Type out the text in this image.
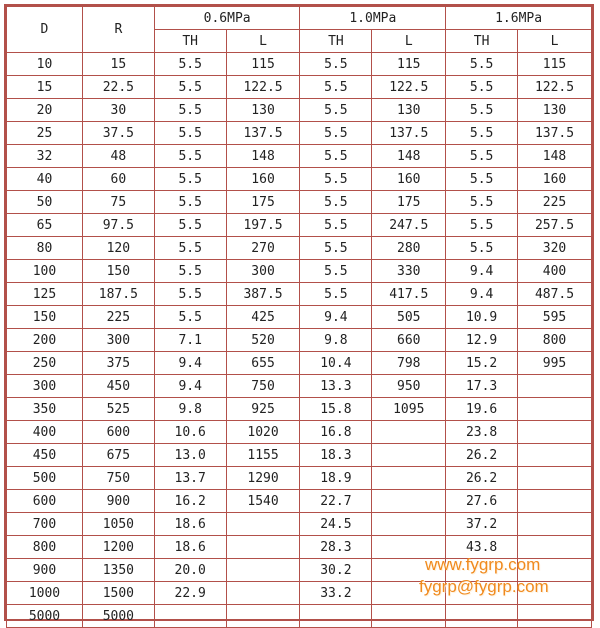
D	R	0.6MPa		1.0MPa		1.6MPa	
		TH	L	TH	L	TH	L
10	15	5.5	115	5.5	115	5.5	115
15	22.5	5.5	122.5	5.5	122.5	5.5	122.5
20	30	5.5	130	5.5	130	5.5	130
25	37.5	5.5	137.5	5.5	137.5	5.5	137.5
32	48	5.5	148	5.5	148	5.5	148
40	60	5.5	160	5.5	160	5.5	160
50	75	5.5	175	5.5	175	5.5	225
65	97.5	5.5	197.5	5.5	247.5	5.5	257.5
80	120	5.5	270	5.5	280	5.5	320
100	150	5.5	300	5.5	330	9.4	400
125	187.5	5.5	387.5	5.5	417.5	9.4	487.5
150	225	5.5	425	9.4	505	10.9	595
200	300	7.1	520	9.8	660	12.9	800
250	375	9.4	655	10.4	798	15.2	995
300	450	9.4	750	13.3	950	17.3	
350	525	9.8	925	15.8	1095	19.6	
400	600	10.6	1020	16.8		23.8	
450	675	13.0	1155	18.3		26.2	
500	750	13.7	1290	18.9		26.2	
600	900	16.2	1540	22.7		27.6	
700	1050	18.6		24.5		37.2	
800	1200	18.6		28.3		43.8	
900	1350	20.0		30.2			
1000	1500	22.9		33.2			
5000	5000						
www.fygrp.com
fygrp@fygrp.com
